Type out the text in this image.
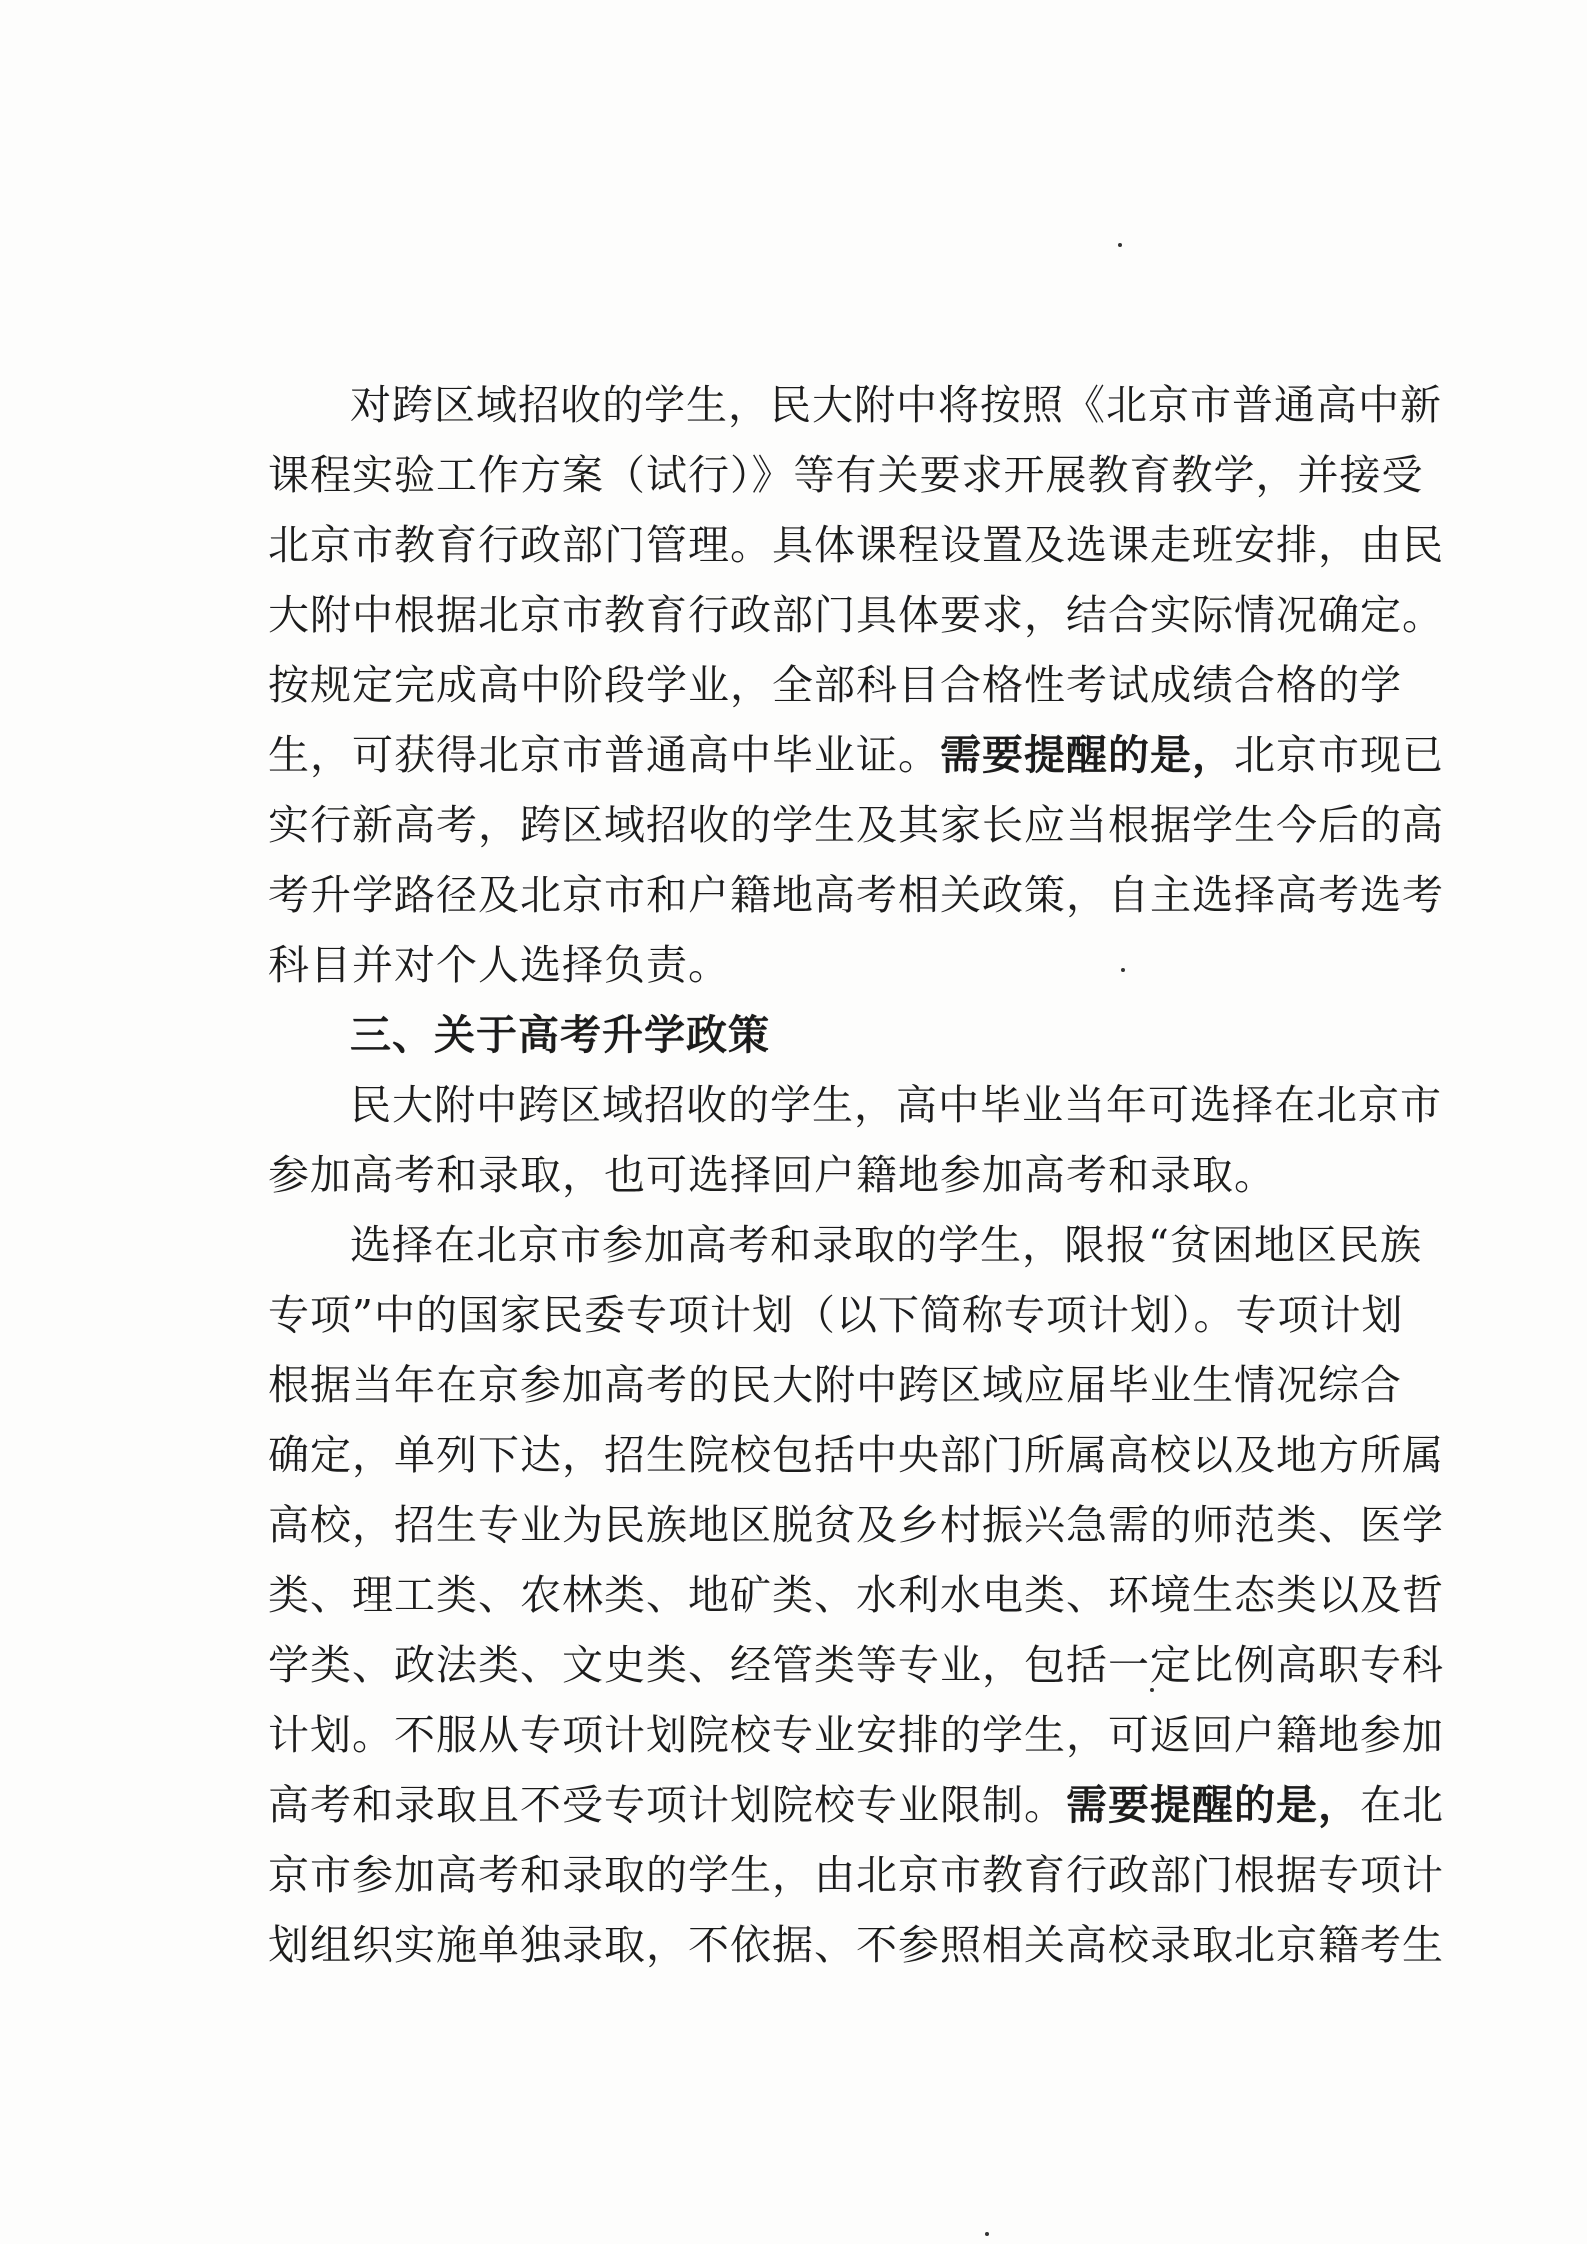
对跨区域招收的学生，民大附中将按照《北京市普通高中新
课程实验工作方案（试行）》等有关要求开展教育教学，并接受
北京市教育行政部门管理。具体课程设置及选课走班安排，由民
大附中根据北京市教育行政部门具体要求，结合实际情况确定。
按规定完成高中阶段学业，全部科目合格性考试成绩合格的学
生，可获得北京市普通高中毕业证。需要提醒的是，北京市现已
实行新高考，跨区域招收的学生及其家长应当根据学生今后的高
考升学路径及北京市和户籍地高考相关政策，自主选择高考选考
科目并对个人选择负责。
三、关于高考升学政策
民大附中跨区域招收的学生，高中毕业当年可选择在北京市
参加高考和录取，也可选择回户籍地参加高考和录取。
选择在北京市参加高考和录取的学生，限报“贫困地区民族
专项”中的国家民委专项计划（以下简称专项计划）。专项计划
根据当年在京参加高考的民大附中跨区域应届毕业生情况综合
确定，单列下达，招生院校包括中央部门所属高校以及地方所属
高校，招生专业为民族地区脱贫及乡村振兴急需的师范类、医学
类、理工类、农林类、地矿类、水利水电类、环境生态类以及哲
学类、政法类、文史类、经管类等专业，包括一定比例高职专科
计划。不服从专项计划院校专业安排的学生，可返回户籍地参加
高考和录取且不受专项计划院校专业限制。需要提醒的是，在北
京市参加高考和录取的学生，由北京市教育行政部门根据专项计
划组织实施单独录取，不依据、不参照相关高校录取北京籍考生
